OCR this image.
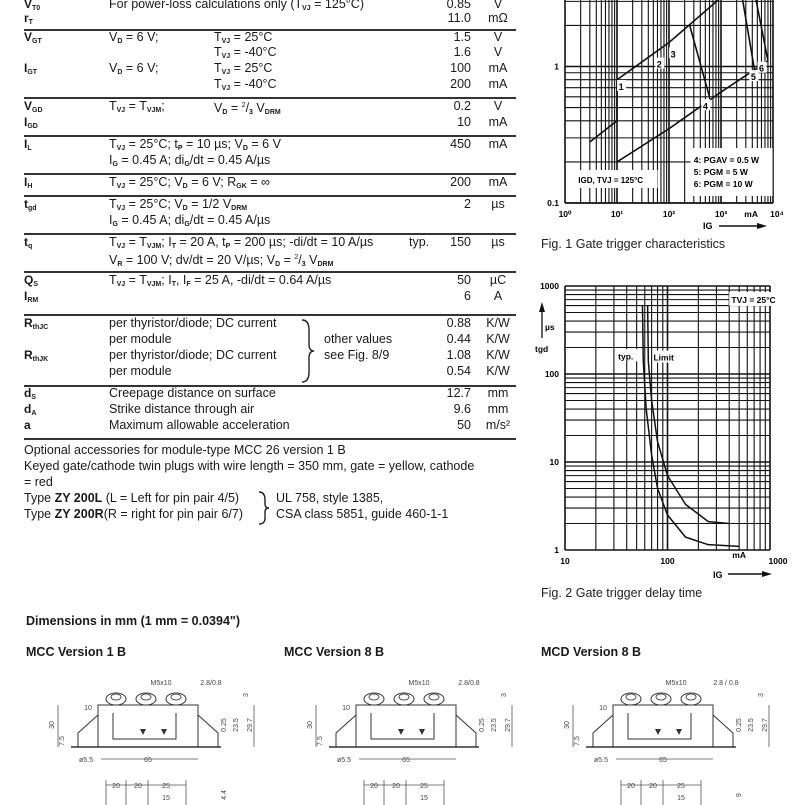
$V_{T0}$	For power-loss calculations only $(T_{VJ} = 125^\circ C)$	0.85	V
$r_T$	11.0	mΩ
$V_{GT}$	$V_D = 6$ V;	$T_{VJ} = 25^\circ C$	1.5	V
$T_{VJ} = -40^\circ C$	1.6	V
$I_{GT}$	$V_D = 6$ V;	$T_{VJ} = 25^\circ C$	100	mA
$T_{VJ} = -40^\circ C$	200	mA
$V_{GD}$	$T_{VJ} = T_{VJM}$;	$V_D = ^2/_3$ $V_{DRM}$	0.2	V
$I_{GD}$	10	mA
$I_L$	$T_{VJ} = 25^\circ C$; $t_P = 10$ µs; $V_D = 6$ V	450	mA
$I_G = 0.45$ A; $di_G/dt = 0.45$ A/µs
$I_H$	$T_{VJ} = 25^\circ C$; $V_D = 6$ V; $R_{GK}$ = ∞	200	mA
$t_{gd}$	$T_{VJ} = 25^\circ C$; $V_D = 1/2$ $V_{DRM}$	2	µs
$I_G = 0.45$ A; $di_G/dt = 0.45$ A/µs
$t_q$	$T_{VJ} = T_{VJM}$; $I_T = 20$ A, $t_P = 200$ µs; -di/dt = 10 A/µs	typ. 150	µs
$V_R = 100$ V; dv/dt = 20 V/µs; $V_D = ^2/_3$ $V_{DRM}$
$Q_S$	$T_{VJ} = T_{VJM}$; $I_T$, $I_F = 25$ A, -di/dt = 0.64 A/µs	50	µC
$I_{RM}$	6	A
$R_{thJC}$	per thyristor/diode; DC current	0.88	K/W
per module	other values	0.44	K/W
$R_{thJK}$	per thyristor/diode; DC current	see Fig. 8/9	1.08	K/W
per module	0.54	K/W
$d_S$	Creepage distance on surface	12.7	mm
$d_A$	Strike distance through air	9.6	mm
a	Maximum allowable acceleration	50	m/s²
Optional accessories for module-type MCC 26 version 1 B
Keyed gate/cathode twin plugs with wire length = 350 mm, gate = yellow, cathode
= red
Type ZY 200L (L = Left for pin pair 4/5)	UL 758, style 1385,
Type ZY 200R(R = right for pin pair 6/7)	CSA class 5851, guide 460-1-1
1
2
3
4
5
6
IGD, TVJ = 125°C
4: PGAV = 0.5 W
5: PGM = 5 W
6: PGM = 10 W
1
0.1
10⁰	10¹	10²	10³ mA 10⁴
IG
Fig. 1 Gate trigger characteristics
TVJ = 25°C
typ. Limit
1000
100
10
1
10	100
mA
1000
µs
tgd
IG
Fig. 2 Gate trigger delay time
Dimensions in mm (1 mm = 0.0394")
MCC Version 1 B
M5x10	2.8/0.8
30
10
7.5
ø5.5	65
3
0.25 23.5 29.7
20 20	25
15	4.4
MCC Version 8 B
M5x10	2.8/0.8
30
10
7.5
ø5.5	65
3
0.25 23.5 29.7
20 20	25
15
MCD Version 8 B
M5x10	2.8 / 0.8
30
10
7.5
ø5.5	65
3
0.25 23.5 29.7
20 20	25
15	9
